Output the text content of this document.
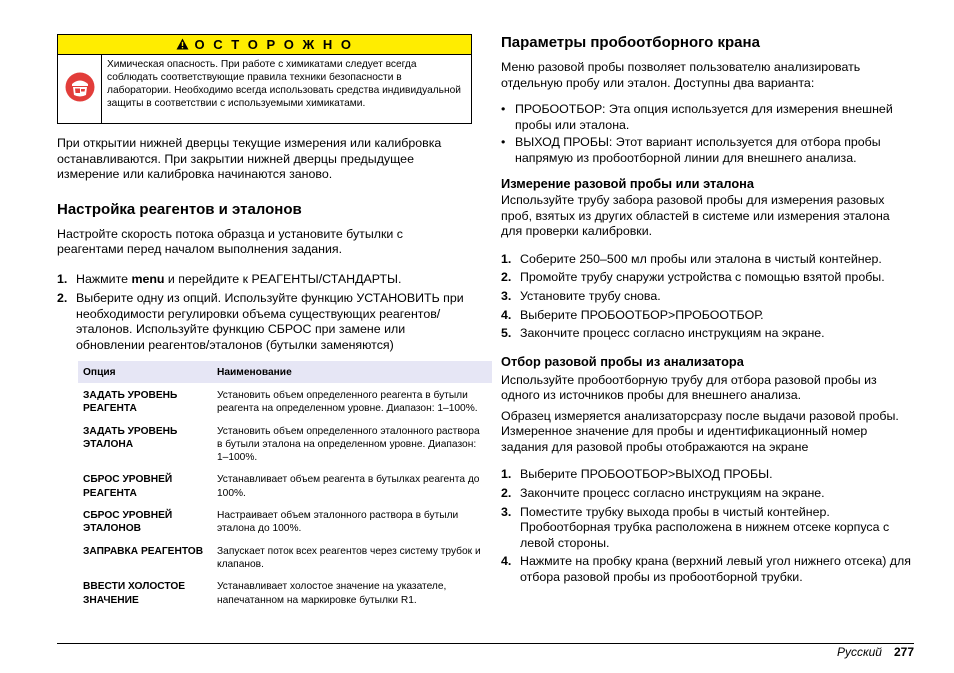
О С Т О Р О Ж Н О
Химическая опасность. При работе с химикатами следует всегда соблюдать соответствующие правила техники безопасности в лаборатории. Необходимо всегда использовать средства индивидуальной защиты в соответствии с используемыми химикатами.

При открытии нижней дверцы текущие измерения или калибровка останавливаются. При закрытии нижней дверцы предыдущее измерение или калибровка начинаются заново.

Настройка реагентов и эталонов

Настройте скорость потока образца и установите бутылки с реагентами перед началом выполнения задания.

1. Нажмите menu и перейдите к РЕАГЕНТЫ/СТАНДАРТЫ.
2. Выберите одну из опций. Используйте функцию УСТАНОВИТЬ при необходимости регулировки объема существующих реагентов/эталонов. Используйте функцию СБРОС при замене или обновлении реагентов/эталонов (бутылки заменяются)
Опция	Наименование
ЗАДАТЬ УРОВЕНЬ РЕАГЕНТА	Установить объем определенного реагента в бутыли реагента на определенном уровне. Диапазон: 1–100%.
ЗАДАТЬ УРОВЕНЬ ЭТАЛОНА	Установить объем определенного эталонного раствора в бутыли эталона на определенном уровне. Диапазон: 1–100%.
СБРОС УРОВНЕЙ РЕАГЕНТА	Устанавливает объем реагента в бутылках реагента до 100%.
СБРОС УРОВНЕЙ ЭТАЛОНОВ	Настраивает объем эталонного раствора в бутыли эталона до 100%.
ЗАПРАВКА РЕАГЕНТОВ	Запускает поток всех реагентов через систему трубок и клапанов.
ВВЕСТИ ХОЛОСТОЕ ЗНАЧЕНИЕ	Устанавливает холостое значение на указателе, напечатанном на маркировке бутылки R1.
Параметры пробоотборного крана

Меню разовой пробы позволяет пользователю анализировать отдельную пробу или эталон. Доступны два варианта:

• ПРОБООТБОР: Эта опция используется для измерения внешней пробы или эталона.
• ВЫХОД ПРОБЫ: Этот вариант используется для отбора пробы напрямую из пробоотборной линии для внешнего анализа.
Измерение разовой пробы или эталона

Используйте трубу забора разовой пробы для измерения разовых проб, взятых из других областей в системе или измерения эталона для проверки калибровки.

1. Соберите 250–500 мл пробы или эталона в чистый контейнер.
2. Промойте трубу снаружи устройства с помощью взятой пробы.
3. Установите трубу снова.
4. Выберите ПРОБООТБОР>ПРОБООТБОР.
5. Закончите процесс согласно инструкциям на экране.
Отбор разовой пробы из анализатора

Используйте пробоотборную трубу для отбора разовой пробы из одного из источников пробы для внешнего анализа.

Образец измеряется анализаторсразу после выдачи разовой пробы. Измеренное значение для пробы и идентификационный номер задания для разовой пробы отображаются на экране

1. Выберите ПРОБООТБОР>ВЫХОД ПРОБЫ.
2. Закончите процесс согласно инструкциям на экране.
3. Поместите трубку выхода пробы в чистый контейнер. Пробоотборная трубка расположена в нижнем отсеке корпуса с левой стороны.
4. Нажмите на пробку крана (верхний левый угол нижнего отсека) для отбора разовой пробы из пробоотборной трубки.
Русский 277
